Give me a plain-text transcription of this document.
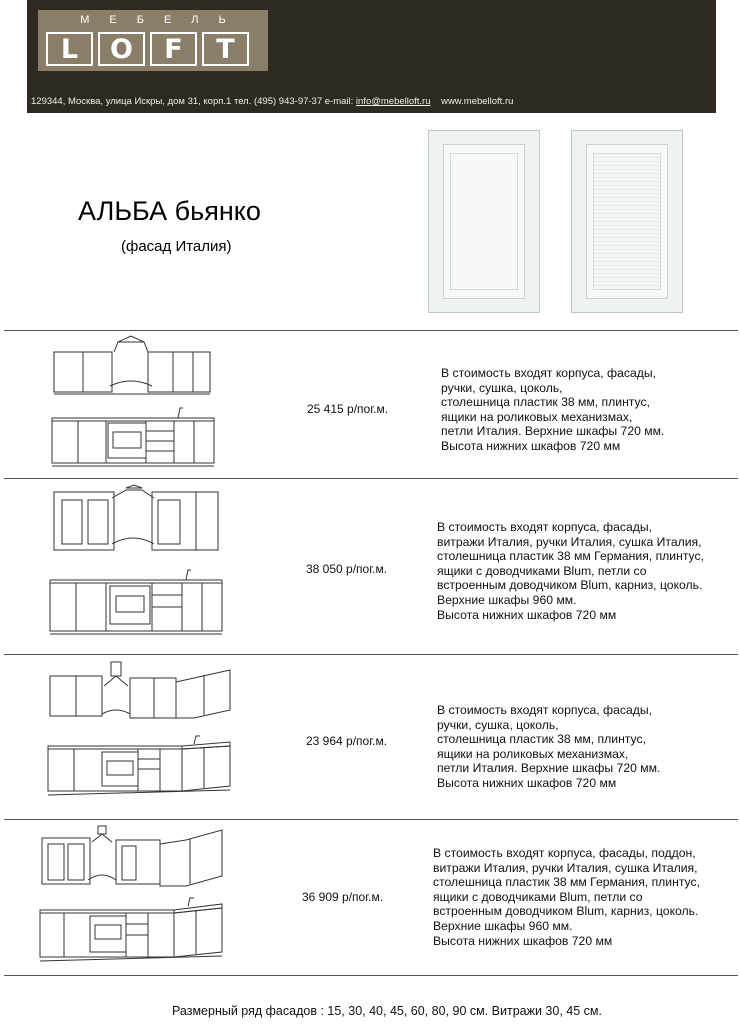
МЕБЕЛЬ
L	O	F	T
129344, Москва, улица Искры, дом 31, корп.1 тел. (495) 943-97-37 e-mail: info@mebelloft.ru www.mebelloft.ru
АЛЬБА бьянко
(фасад Италия)
25 415 р/пог.м.
В стоимость входят корпуса, фасады,
ручки, сушка, цоколь,
столешница пластик 38 мм, плинтус,
ящики на роликовых механизмах,
петли Италия. Верхние шкафы 720 мм.
Высота нижних шкафов 720 мм
38 050 р/пог.м.
В стоимость входят корпуса, фасады,
витражи Италия, ручки Италия, сушка Италия,
столешница пластик 38 мм Германия, плинтус,
ящики с доводчиками Blum, петли со
встроенным доводчиком Blum, карниз, цоколь.
Верхние шкафы 960 мм.
Высота нижних шкафов 720 мм
23 964 р/пог.м.
В стоимость входят корпуса, фасады,
ручки, сушка, цоколь,
столешница пластик 38 мм, плинтус,
ящики на роликовых механизмах,
петли Италия. Верхние шкафы 720 мм.
Высота нижних шкафов 720 мм
36 909 р/пог.м.
В стоимость входят корпуса, фасады, поддон,
витражи Италия, ручки Италия, сушка Италия,
столешница пластик 38 мм Германия, плинтус,
ящики с доводчиками Blum, петли со
встроенным доводчиком Blum, карниз, цоколь.
Верхние шкафы 960 мм.
Высота нижних шкафов 720 мм
Размерный ряд фасадов : 15, 30, 40, 45, 60, 80, 90 см. Витражи 30, 45 см.
